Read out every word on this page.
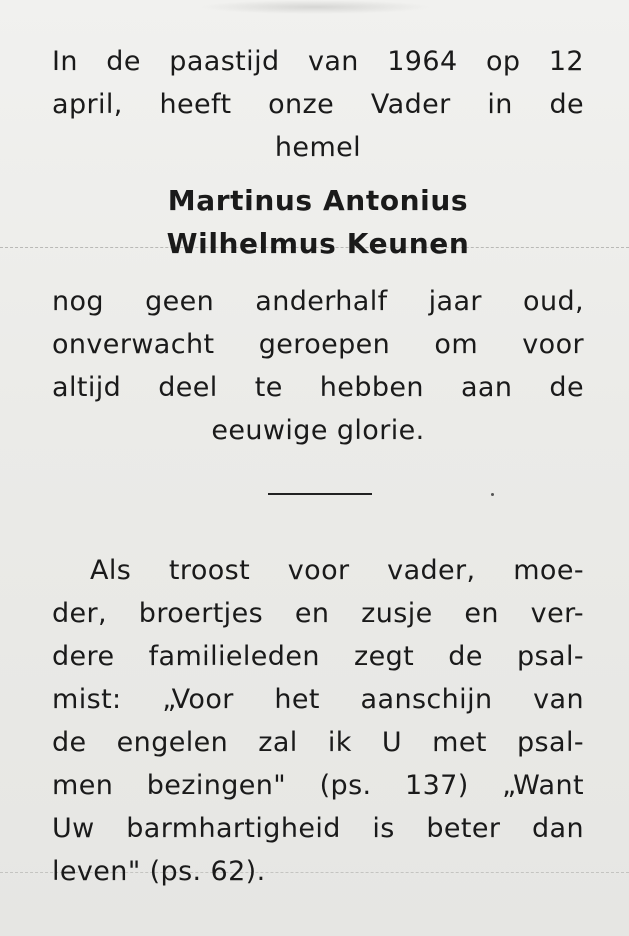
In de paastijd van 1964 op 12
april, heeft onze Vader in de
hemel
Martinus Antonius
Wilhelmus Keunen
nog geen anderhalf jaar oud,
onverwacht geroepen om voor
altijd deel te hebben aan de
eeuwige glorie.
Als troost voor vader, moe-
der, broertjes en zusje en ver-
dere familieleden zegt de psal-
mist: „Voor het aanschijn van
de engelen zal ik U met psal-
men bezingen" (ps. 137) „Want
Uw barmhartigheid is beter dan
leven" (ps. 62).
